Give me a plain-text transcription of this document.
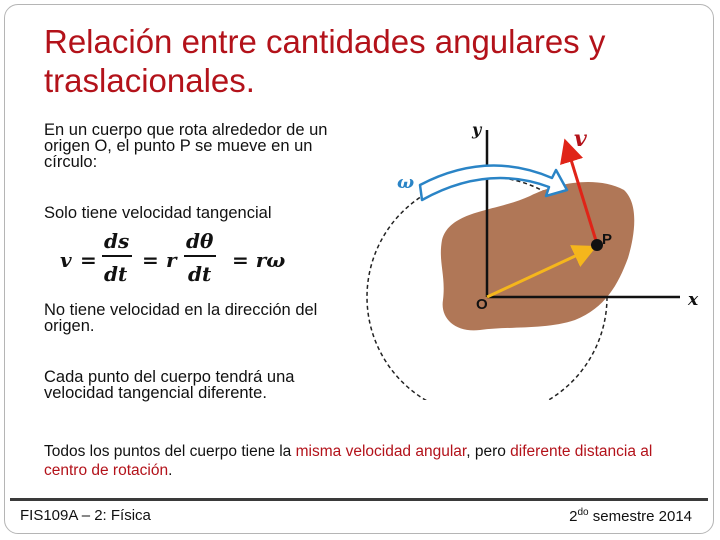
Relación entre cantidades angulares y traslacionales.
En un cuerpo que rota alrededor de un origen O, el punto P se mueve en un círculo:
Solo tiene velocidad tangencial
v =
ds
dt
= r
dθ
dt
= rω
No tiene velocidad en la dirección del origen.
Cada punto del cuerpo tendrá una velocidad tangencial diferente.
y
x
ω
v
P
O
Todos los puntos del cuerpo tiene la misma velocidad angular, pero diferente distancia al centro de rotación.
FIS109A – 2: Física	$2^{do}$ semestre 2014
